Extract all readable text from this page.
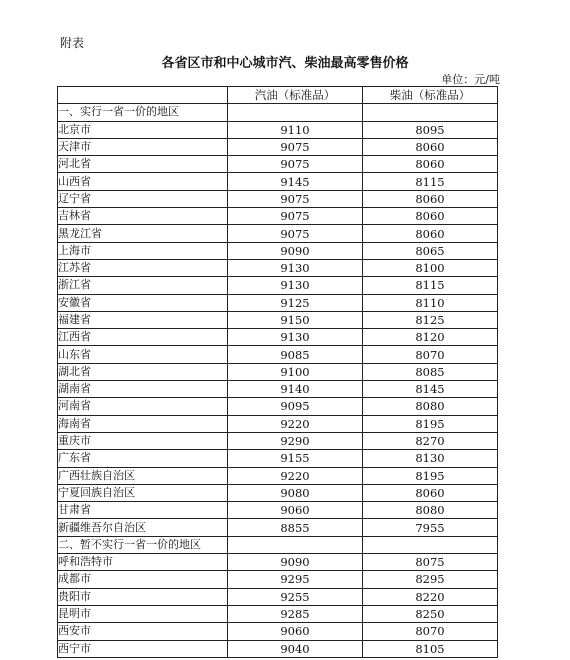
附表
各省区市和中心城市汽、柴油最高零售价格
单位：元/吨
	汽油（标准品）	柴油（标准品）
一、实行一省一价的地区		
北京市	9110	8095
天津市	9075	8060
河北省	9075	8060
山西省	9145	8115
辽宁省	9075	8060
吉林省	9075	8060
黑龙江省	9075	8060
上海市	9090	8065
江苏省	9130	8100
浙江省	9130	8115
安徽省	9125	8110
福建省	9150	8125
江西省	9130	8120
山东省	9085	8070
湖北省	9100	8085
湖南省	9140	8145
河南省	9095	8080
海南省	9220	8195
重庆市	9290	8270
广东省	9155	8130
广西壮族自治区	9220	8195
宁夏回族自治区	9080	8060
甘肃省	9060	8080
新疆维吾尔自治区	8855	7955
二、暂不实行一省一价的地区		
呼和浩特市	9090	8075
成都市	9295	8295
贵阳市	9255	8220
昆明市	9285	8250
西安市	9060	8070
西宁市	9040	8105
